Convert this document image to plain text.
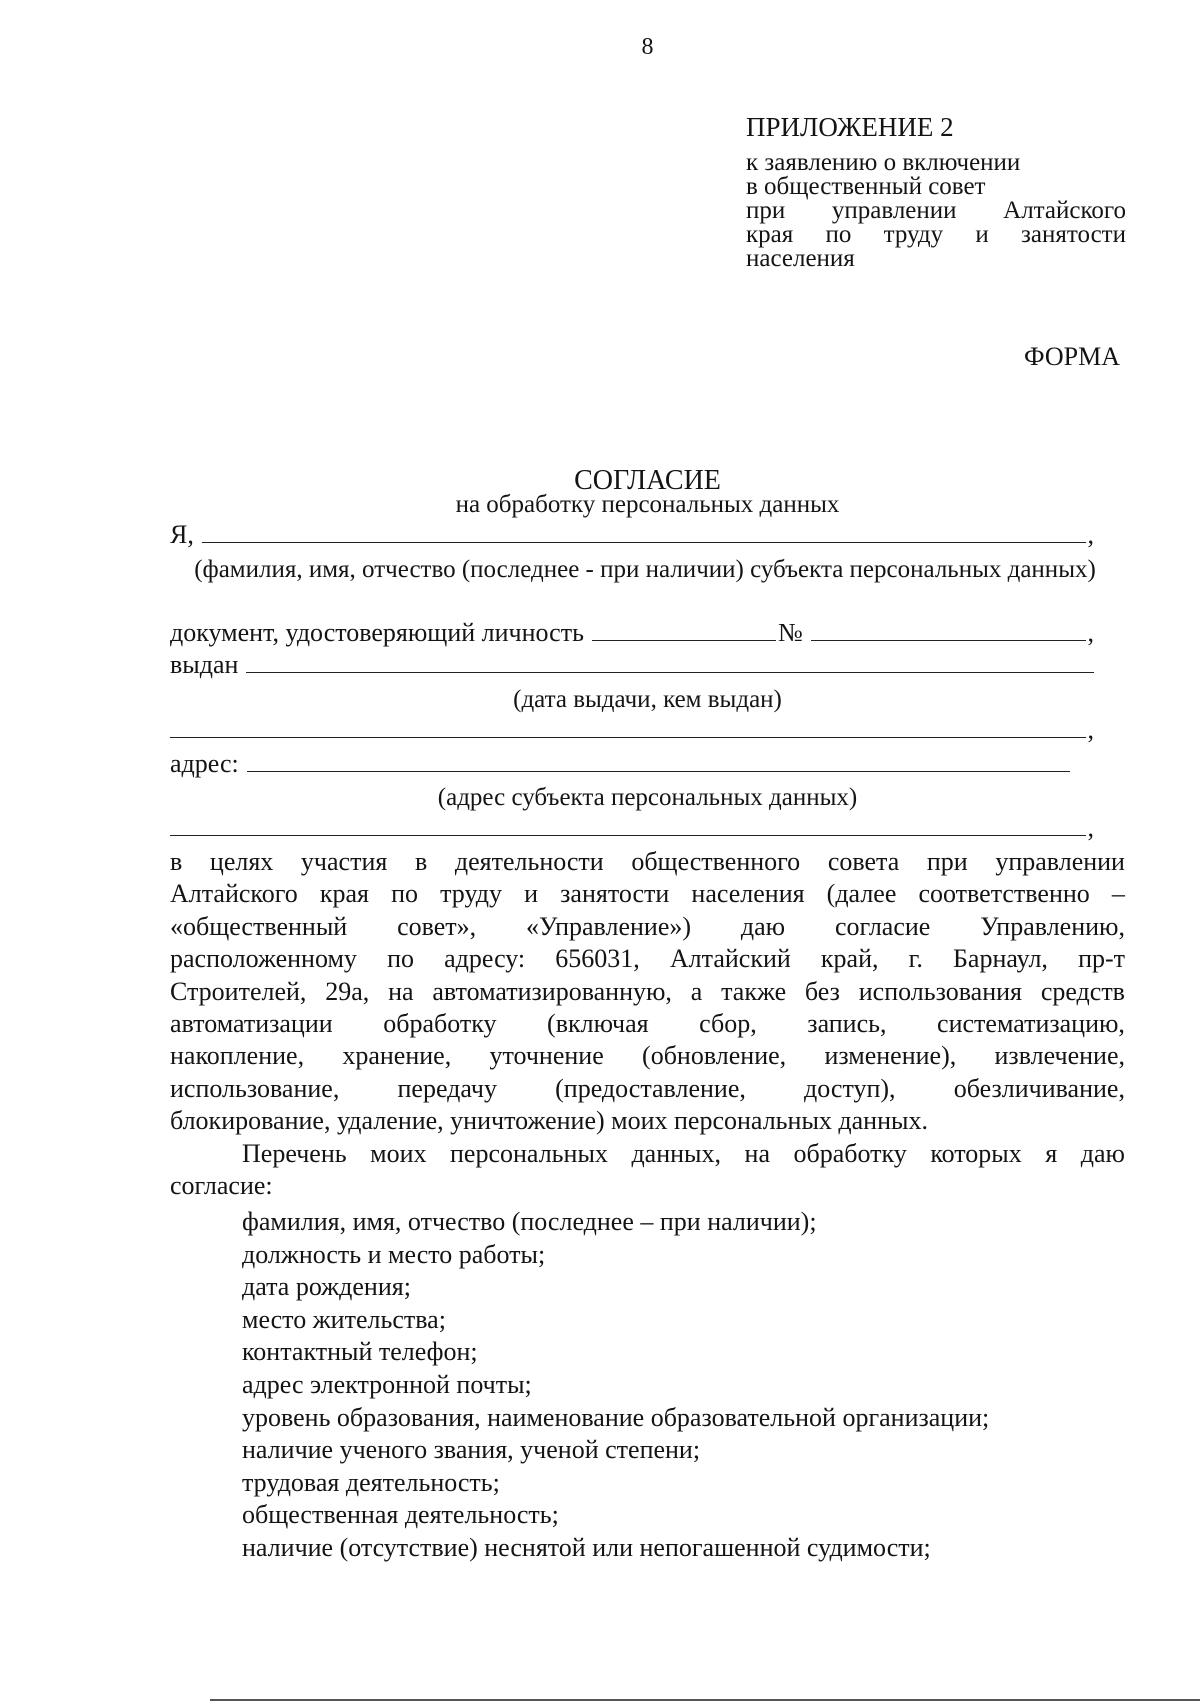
8
ПРИЛОЖЕНИЕ 2
к заявлению о включении
в общественный совет
при управлении Алтайского
края по труду и занятости
населения
ФОРМА
СОГЛАСИЕ
на обработку персональных данных
Я,	,
(фамилия, имя, отчество (последнее - при наличии) субъекта персональных данных)
документ, удостоверяющий личность	№	,
выдан
(дата выдачи, кем выдан)
,
адрес:
(адрес субъекта персональных данных)
,
в целях участия в деятельности общественного совета при управлении
Алтайского края по труду и занятости населения (далее соответственно –
«общественный совет», «Управление») даю согласие Управлению,
расположенному по адресу: 656031, Алтайский край, г. Барнаул, пр-т
Строителей, 29а, на автоматизированную, а также без использования средств
автоматизации обработку (включая сбор, запись, систематизацию,
накопление, хранение, уточнение (обновление, изменение), извлечение,
использование, передачу (предоставление, доступ), обезличивание,
блокирование, удаление, уничтожение) моих персональных данных.
Перечень моих персональных данных, на обработку которых я даю
согласие:
фамилия, имя, отчество (последнее – при наличии);
должность и место работы;
дата рождения;
место жительства;
контактный телефон;
адрес электронной почты;
уровень образования, наименование образовательной организации;
наличие ученого звания, ученой степени;
трудовая деятельность;
общественная деятельность;
наличие (отсутствие) неснятой или непогашенной судимости;
